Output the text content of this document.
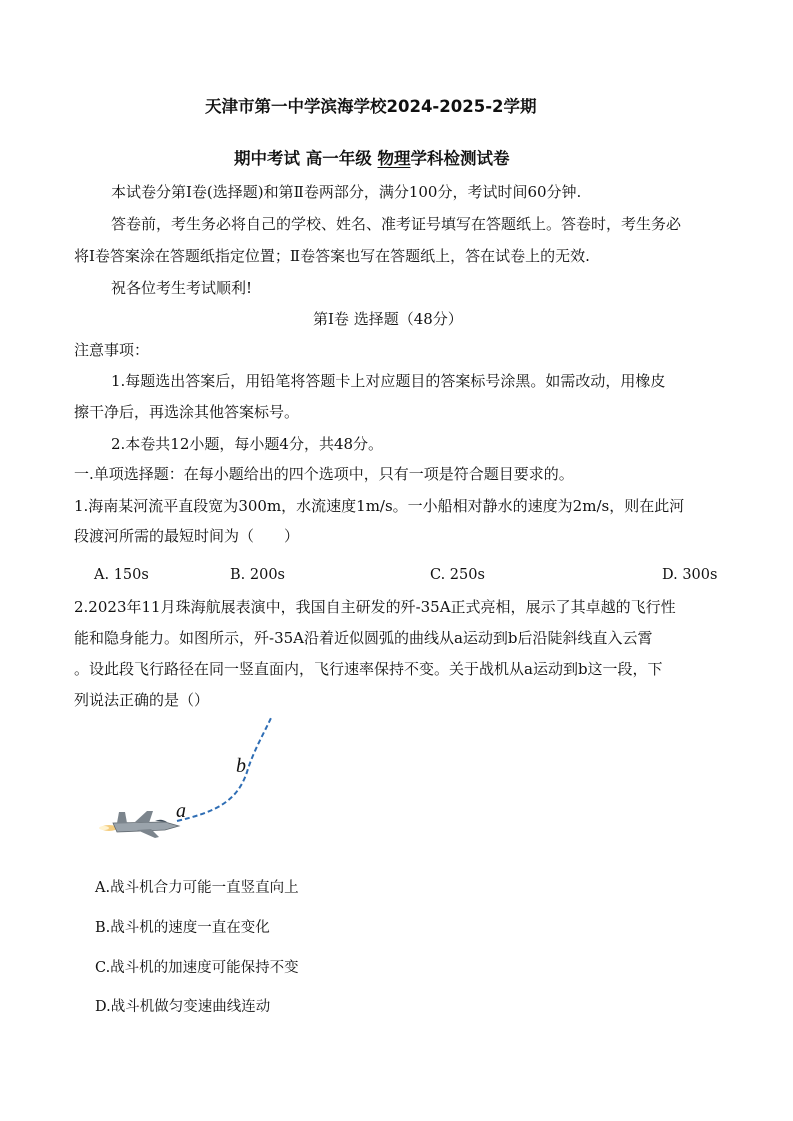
天津市第一中学滨海学校2024-2025-2学期
期中考试 高一年级 物理学科检测试卷
本试卷分第Ⅰ卷(选择题)和第Ⅱ卷两部分，满分100分，考试时间60分钟.
答卷前，考生务必将自己的学校、姓名、准考证号填写在答题纸上。答卷时，考生务必
将Ⅰ卷答案涂在答题纸指定位置；Ⅱ卷答案也写在答题纸上，答在试卷上的无效.
祝各位考生考试顺利!
第Ⅰ卷 选择题（48分）
注意事项：
1.每题选出答案后，用铅笔将答题卡上对应题目的答案标号涂黑。如需改动，用橡皮
擦干净后，再选涂其他答案标号。
2.本卷共12小题，每小题4分，共48分。
一.单项选择题：在每小题给出的四个选项中，只有一项是符合题目要求的。
1.海南某河流平直段宽为300m，水流速度1m/s。一小船相对静水的速度为2m/s，则在此河
段渡河所需的最短时间为（　　）
A. 150s	B. 200s	C. 250s	D. 300s
2.2023年11月珠海航展表演中，我国自主研发的歼-35A正式亮相，展示了其卓越的飞行性
能和隐身能力。如图所示，歼-35A沿着近似圆弧的曲线从a运动到b后沿陡斜线直入云霄
。设此段飞行路径在同一竖直面内，飞行速率保持不变。关于战机从a运动到b这一段，下
列说法正确的是（）
b
a
A.战斗机合力可能一直竖直向上
B.战斗机的速度一直在变化
C.战斗机的加速度可能保持不变
D.战斗机做匀变速曲线连动
